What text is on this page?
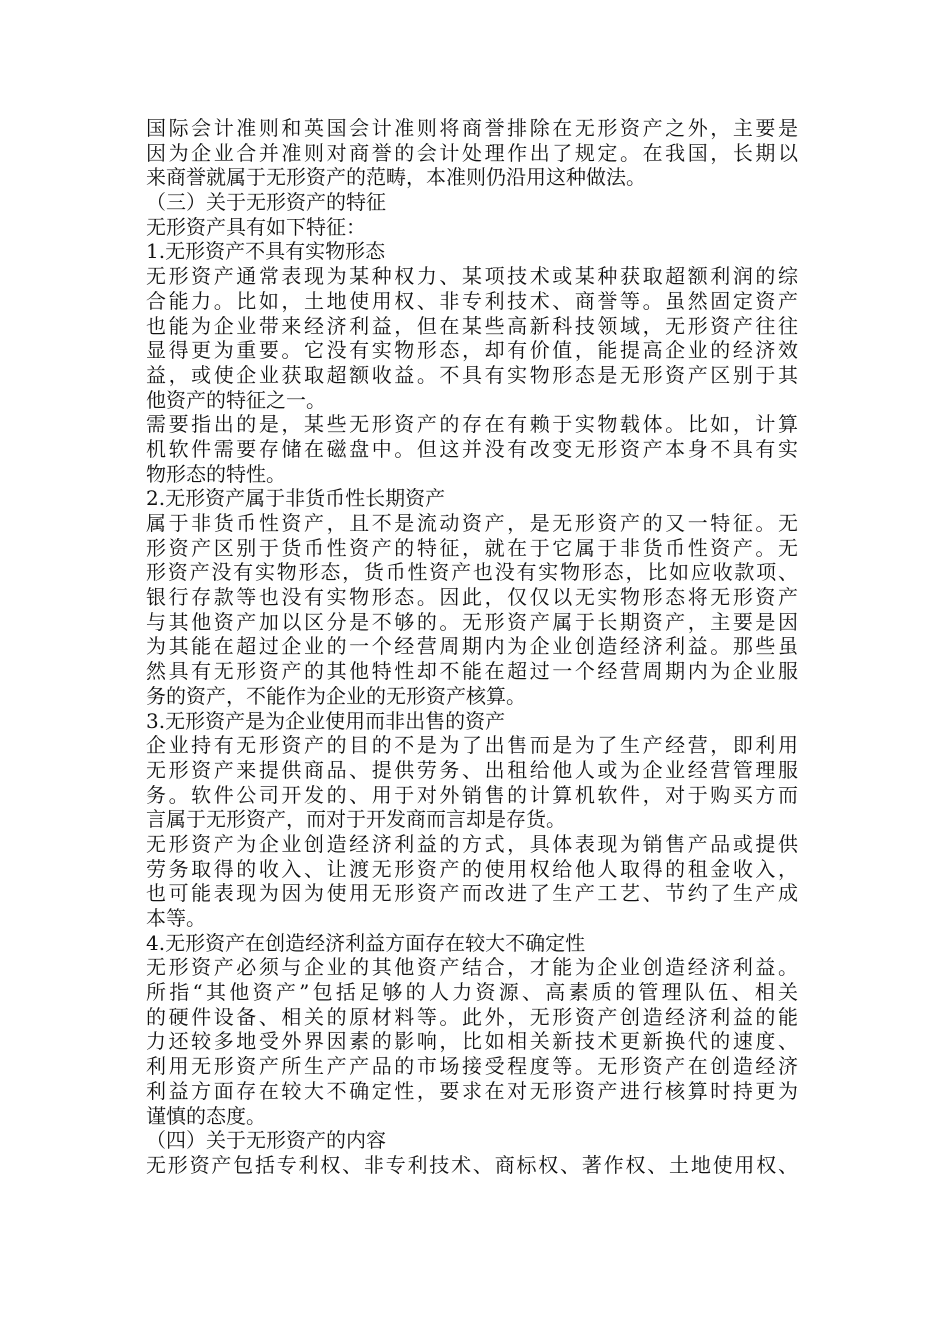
国际会计准则和英国会计准则将商誉排除在无形资产之外，主要是
因为企业合并准则对商誉的会计处理作出了规定。在我国，长期以
来商誉就属于无形资产的范畴，本准则仍沿用这种做法。
（三）关于无形资产的特征
无形资产具有如下特征：
1.无形资产不具有实物形态
无形资产通常表现为某种权力、某项技术或某种获取超额利润的综
合能力。比如，土地使用权、非专利技术、商誉等。虽然固定资产
也能为企业带来经济利益，但在某些高新科技领域，无形资产往往
显得更为重要。它没有实物形态，却有价值，能提高企业的经济效
益，或使企业获取超额收益。不具有实物形态是无形资产区别于其
他资产的特征之一。
需要指出的是，某些无形资产的存在有赖于实物载体。比如，计算
机软件需要存储在磁盘中。但这并没有改变无形资产本身不具有实
物形态的特性。
2.无形资产属于非货币性长期资产
属于非货币性资产，且不是流动资产，是无形资产的又一特征。无
形资产区别于货币性资产的特征，就在于它属于非货币性资产。无
形资产没有实物形态，货币性资产也没有实物形态，比如应收款项、
银行存款等也没有实物形态。因此，仅仅以无实物形态将无形资产
与其他资产加以区分是不够的。无形资产属于长期资产，主要是因
为其能在超过企业的一个经营周期内为企业创造经济利益。那些虽
然具有无形资产的其他特性却不能在超过一个经营周期内为企业服
务的资产，不能作为企业的无形资产核算。
3.无形资产是为企业使用而非出售的资产
企业持有无形资产的目的不是为了出售而是为了生产经营，即利用
无形资产来提供商品、提供劳务、出租给他人或为企业经营管理服
务。软件公司开发的、用于对外销售的计算机软件，对于购买方而
言属于无形资产，而对于开发商而言却是存货。
无形资产为企业创造经济利益的方式，具体表现为销售产品或提供
劳务取得的收入、让渡无形资产的使用权给他人取得的租金收入，
也可能表现为因为使用无形资产而改进了生产工艺、节约了生产成
本等。
4.无形资产在创造经济利益方面存在较大不确定性
无形资产必须与企业的其他资产结合，才能为企业创造经济利益。
所指“其他资产”包括足够的人力资源、高素质的管理队伍、相关
的硬件设备、相关的原材料等。此外，无形资产创造经济利益的能
力还较多地受外界因素的影响，比如相关新技术更新换代的速度、
利用无形资产所生产产品的市场接受程度等。无形资产在创造经济
利益方面存在较大不确定性，要求在对无形资产进行核算时持更为
谨慎的态度。
（四）关于无形资产的内容
无形资产包括专利权、非专利技术、商标权、著作权、土地使用权、
